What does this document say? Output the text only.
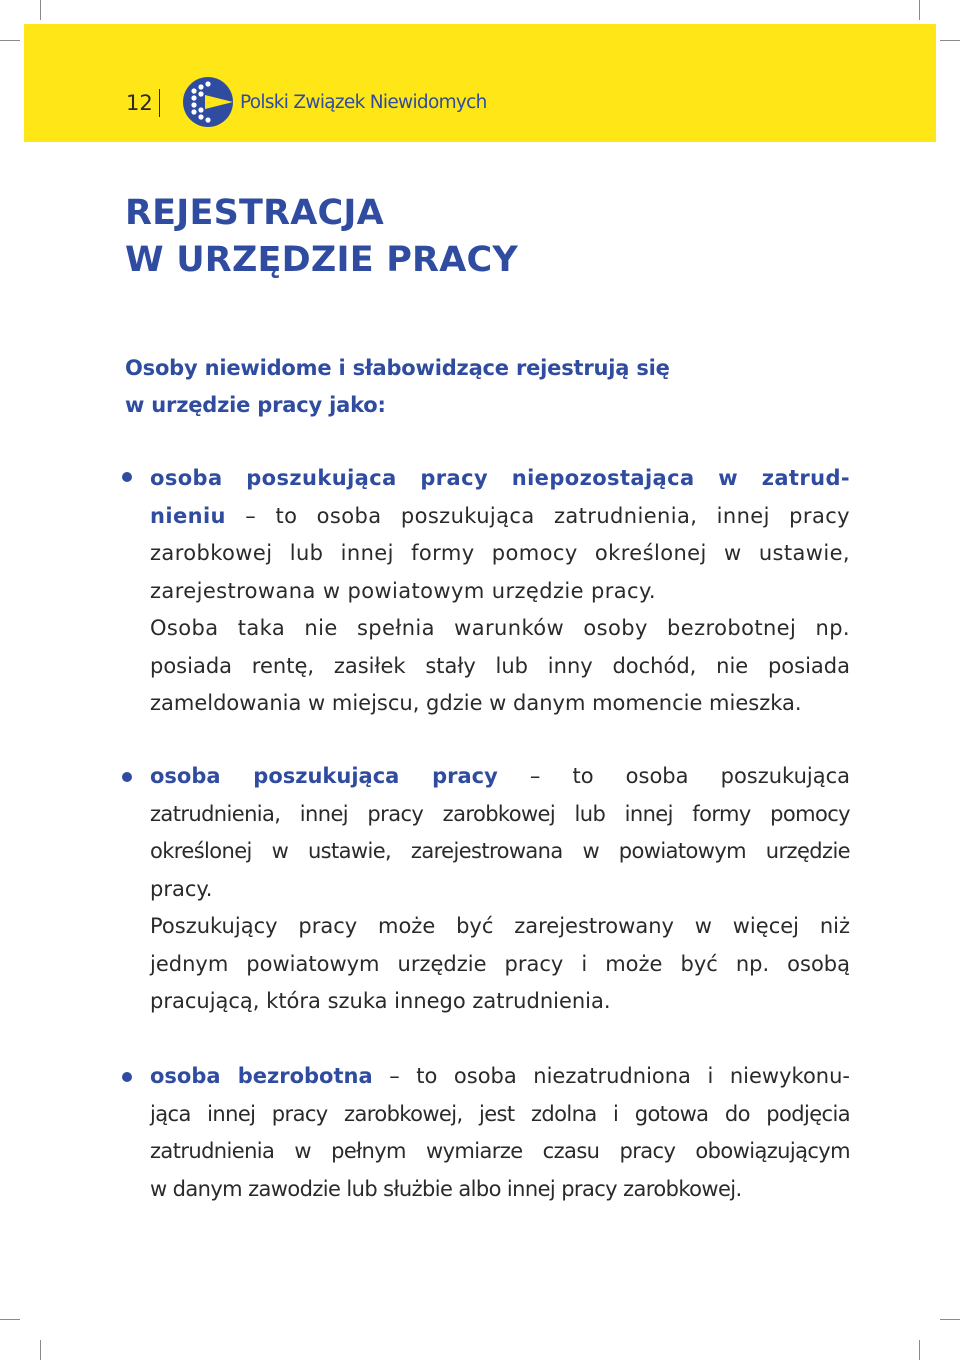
12	Polski Związek Niewidomych
REJESTRACJA
W URZĘDZIE PRACY
Osoby niewidome i słabowidzące rejestrują się
w urzędzie pracy jako:
osoba poszukująca pracy niepozostająca w zatrud-
nieniu – to osoba poszukująca zatrudnienia, innej pracy
zarobkowej lub innej formy pomocy określonej w ustawie,
zarejestrowana w powiatowym urzędzie pracy.
Osoba taka nie spełnia warunków osoby bezrobotnej np.
posiada rentę, zasiłek stały lub inny dochód, nie posiada
zameldowania w miejscu, gdzie w danym momencie mieszka.
osoba poszukująca pracy – to osoba poszukująca
zatrudnienia, innej pracy zarobkowej lub innej formy pomocy
określonej w ustawie, zarejestrowana w powiatowym urzędzie
pracy.
Poszukujący pracy może być zarejestrowany w więcej niż
jednym powiatowym urzędzie pracy i może być np. osobą
pracującą, która szuka innego zatrudnienia.
osoba bezrobotna – to osoba niezatrudniona i niewykonu-
jąca innej pracy zarobkowej, jest zdolna i gotowa do podjęcia
zatrudnienia w pełnym wymiarze czasu pracy obowiązującym
w danym zawodzie lub służbie albo innej pracy zarobkowej.
